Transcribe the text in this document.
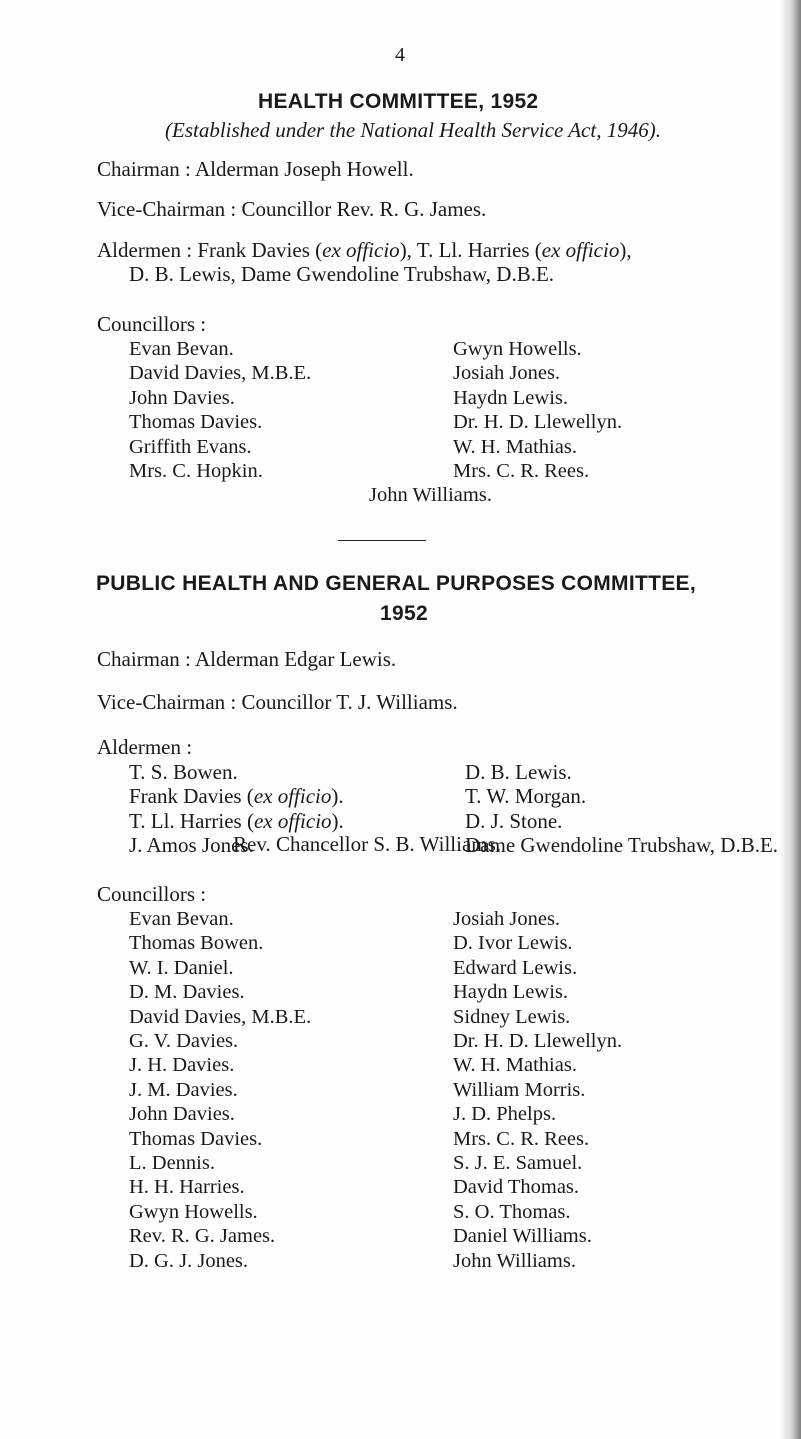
4
HEALTH COMMITTEE, 1952
(Established under the National Health Service Act, 1946).
Chairman : Alderman Joseph Howell.
Vice-Chairman : Councillor Rev. R. G. James.
Aldermen : Frank Davies (ex officio), T. Ll. Harries (ex officio),
D. B. Lewis, Dame Gwendoline Trubshaw, D.B.E.
Councillors :
Evan Bevan.
David Davies, M.B.E.
John Davies.
Thomas Davies.
Griffith Evans.
Mrs. C. Hopkin.
Gwyn Howells.
Josiah Jones.
Haydn Lewis.
Dr. H. D. Llewellyn.
W. H. Mathias.
Mrs. C. R. Rees.
John Williams.
PUBLIC HEALTH AND GENERAL PURPOSES COMMITTEE,
1952
Chairman : Alderman Edgar Lewis.
Vice-Chairman : Councillor T. J. Williams.
Aldermen :
T. S. Bowen.
Frank Davies (ex officio).
T. Ll. Harries (ex officio).
J. Amos Jones.
D. B. Lewis.
T. W. Morgan.
D. J. Stone.
Dame Gwendoline Trubshaw, D.B.E.
Rev. Chancellor S. B. Williams.
Councillors :
Evan Bevan.
Thomas Bowen.
W. I. Daniel.
D. M. Davies.
David Davies, M.B.E.
G. V. Davies.
J. H. Davies.
J. M. Davies.
John Davies.
Thomas Davies.
L. Dennis.
H. H. Harries.
Gwyn Howells.
Rev. R. G. James.
D. G. J. Jones.
Josiah Jones.
D. Ivor Lewis.
Edward Lewis.
Haydn Lewis.
Sidney Lewis.
Dr. H. D. Llewellyn.
W. H. Mathias.
William Morris.
J. D. Phelps.
Mrs. C. R. Rees.
S. J. E. Samuel.
David Thomas.
S. O. Thomas.
Daniel Williams.
John Williams.
